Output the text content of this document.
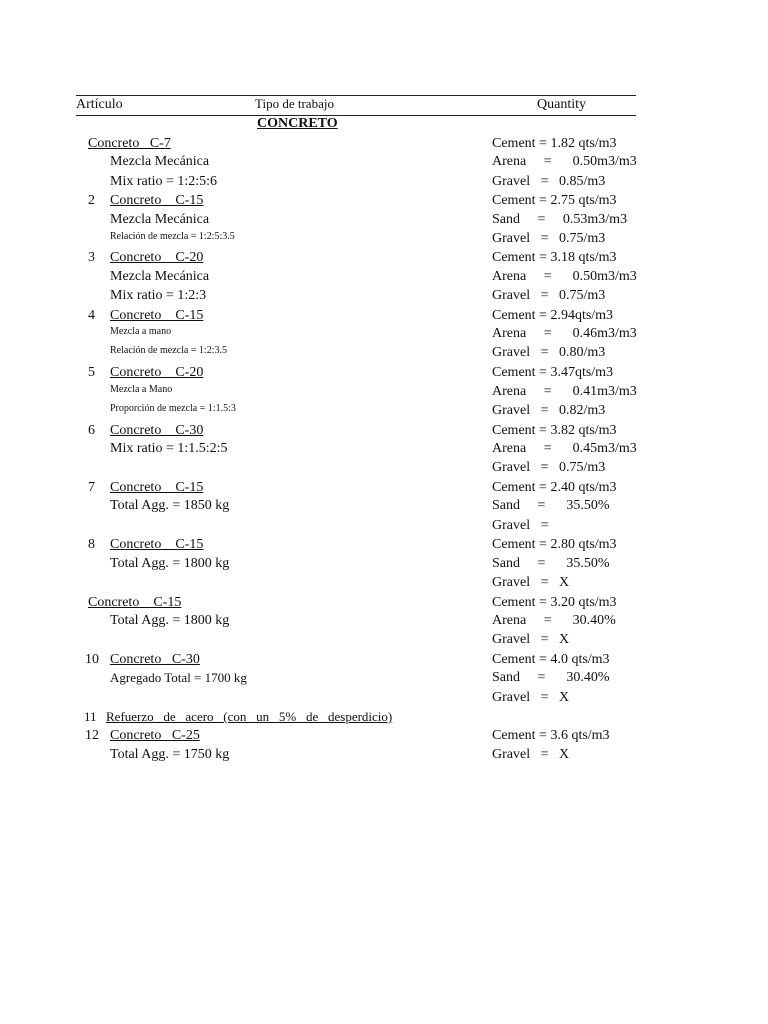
Artículo	Tipo de trabajo	Quantity
CONCRETO
Concreto   C-7
Mezcla Mecánica
Mix ratio = 1:2:5:6
Cement = 1.82 qts/m3
Arena     =      0.50m3/m3
Gravel   =   0.85/m3
2 Concreto    C-15
Mezcla Mecánica
Relación de mezcla = 1:2:5:3.5
Cement = 2.75 qts/m3
Sand     =     0.53m3/m3
Gravel   =   0.75/m3
3 Concreto    C-20
Mezcla Mecánica
Mix ratio = 1:2:3
Cement = 3.18 qts/m3
Arena     =      0.50m3/m3
Gravel   =   0.75/m3
4 Concreto    C-15
Mezcla a mano
Relación de mezcla = 1:2:3.5
Cement = 2.94qts/m3
Arena     =      0.46m3/m3
Gravel   =   0.80/m3
5 Concreto    C-20
Mezcla a Mano
Proporción de mezcla = 1:1.5:3
Cement = 3.47qts/m3
Arena     =      0.41m3/m3
Gravel   =   0.82/m3
6 Concreto    C-30
Mix ratio = 1:1.5:2:5
Cement = 3.82 qts/m3
Arena     =      0.45m3/m3
Gravel   =   0.75/m3
7 Concreto    C-15
Total Agg. = 1850 kg
Cement = 2.40 qts/m3
Sand     =      35.50%
Gravel   =
8 Concreto    C-15
Total Agg. = 1800 kg
Cement = 2.80 qts/m3
Sand     =      35.50%
Gravel   =   X
Concreto    C-15
Total Agg. = 1800 kg
Cement = 3.20 qts/m3
Arena     =      30.40%
Gravel   =   X
10 Concreto   C-30
Agregado Total = 1700 kg
Cement = 4.0 qts/m3
Sand     =      30.40%
Gravel   =   X
11 Refuerzo   de   acero   (con   un   5%   de   desperdicio)
12 Concreto   C-25
Total Agg. = 1750 kg
Cement = 3.6 qts/m3
Gravel   =   X
